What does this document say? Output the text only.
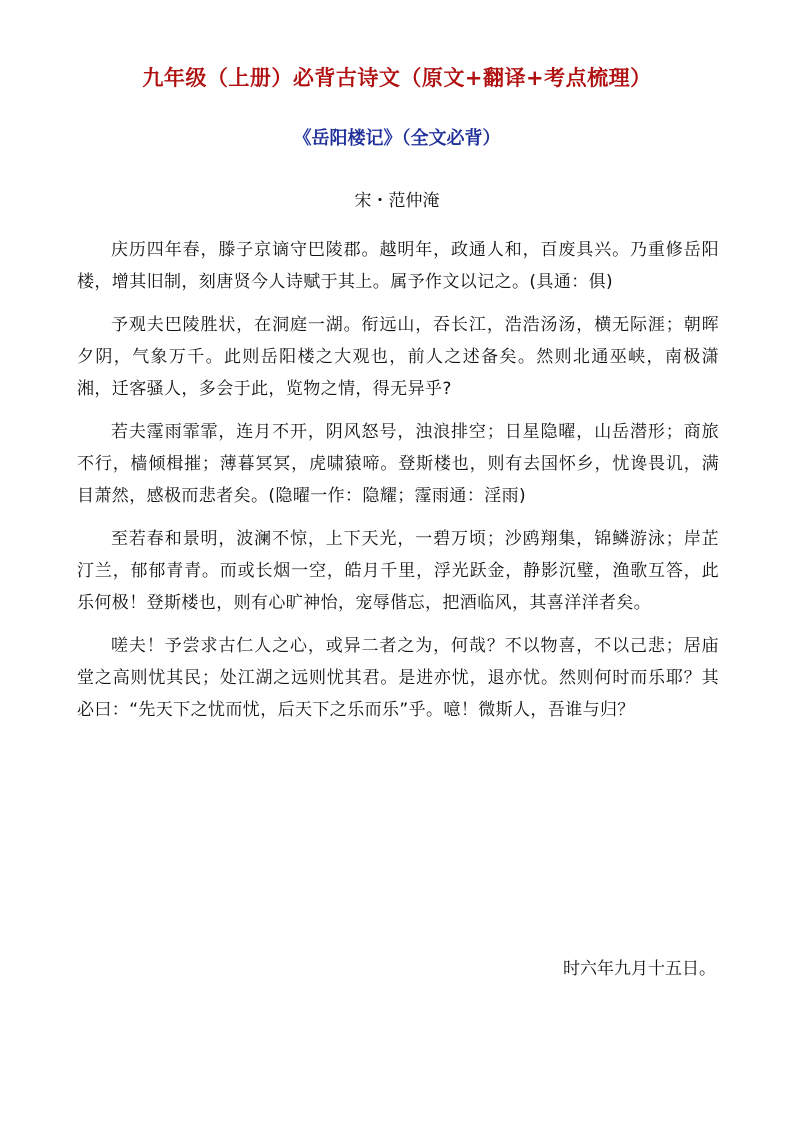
九年级（上册）必背古诗文（原文+翻译+考点梳理）
《岳阳楼记》（全文必背）
宋・范仲淹

庆历四年春，滕子京谪守巴陵郡。越明年，政通人和，百废具兴。乃重修岳阳楼，增其旧制，刻唐贤今人诗赋于其上。属予作文以记之。(具通：俱)

予观夫巴陵胜状，在洞庭一湖。衔远山，吞长江，浩浩汤汤，横无际涯；朝晖夕阴，气象万千。此则岳阳楼之大观也，前人之述备矣。然则北通巫峡，南极潇湘，迁客骚人，多会于此，览物之情，得无异乎?

若夫霪雨霏霏，连月不开，阴风怒号，浊浪排空；日星隐曜，山岳潜形；商旅不行，樯倾楫摧；薄暮冥冥，虎啸猿啼。登斯楼也，则有去国怀乡，忧谗畏讥，满目萧然，感极而悲者矣。(隐曜一作：隐耀；霪雨通：淫雨)

至若春和景明，波澜不惊，上下天光，一碧万顷；沙鸥翔集，锦鳞游泳；岸芷汀兰，郁郁青青。而或长烟一空，皓月千里，浮光跃金，静影沉璧，渔歌互答，此乐何极！登斯楼也，则有心旷神怡，宠辱偕忘，把酒临风，其喜洋洋者矣。

嗟夫！予尝求古仁人之心，或异二者之为，何哉？不以物喜，不以己悲；居庙堂之高则忧其民；处江湖之远则忧其君。是进亦忧，退亦忧。然则何时而乐耶？其必曰：“先天下之忧而忧，后天下之乐而乐”乎。噫！微斯人，吾谁与归？

时六年九月十五日。
